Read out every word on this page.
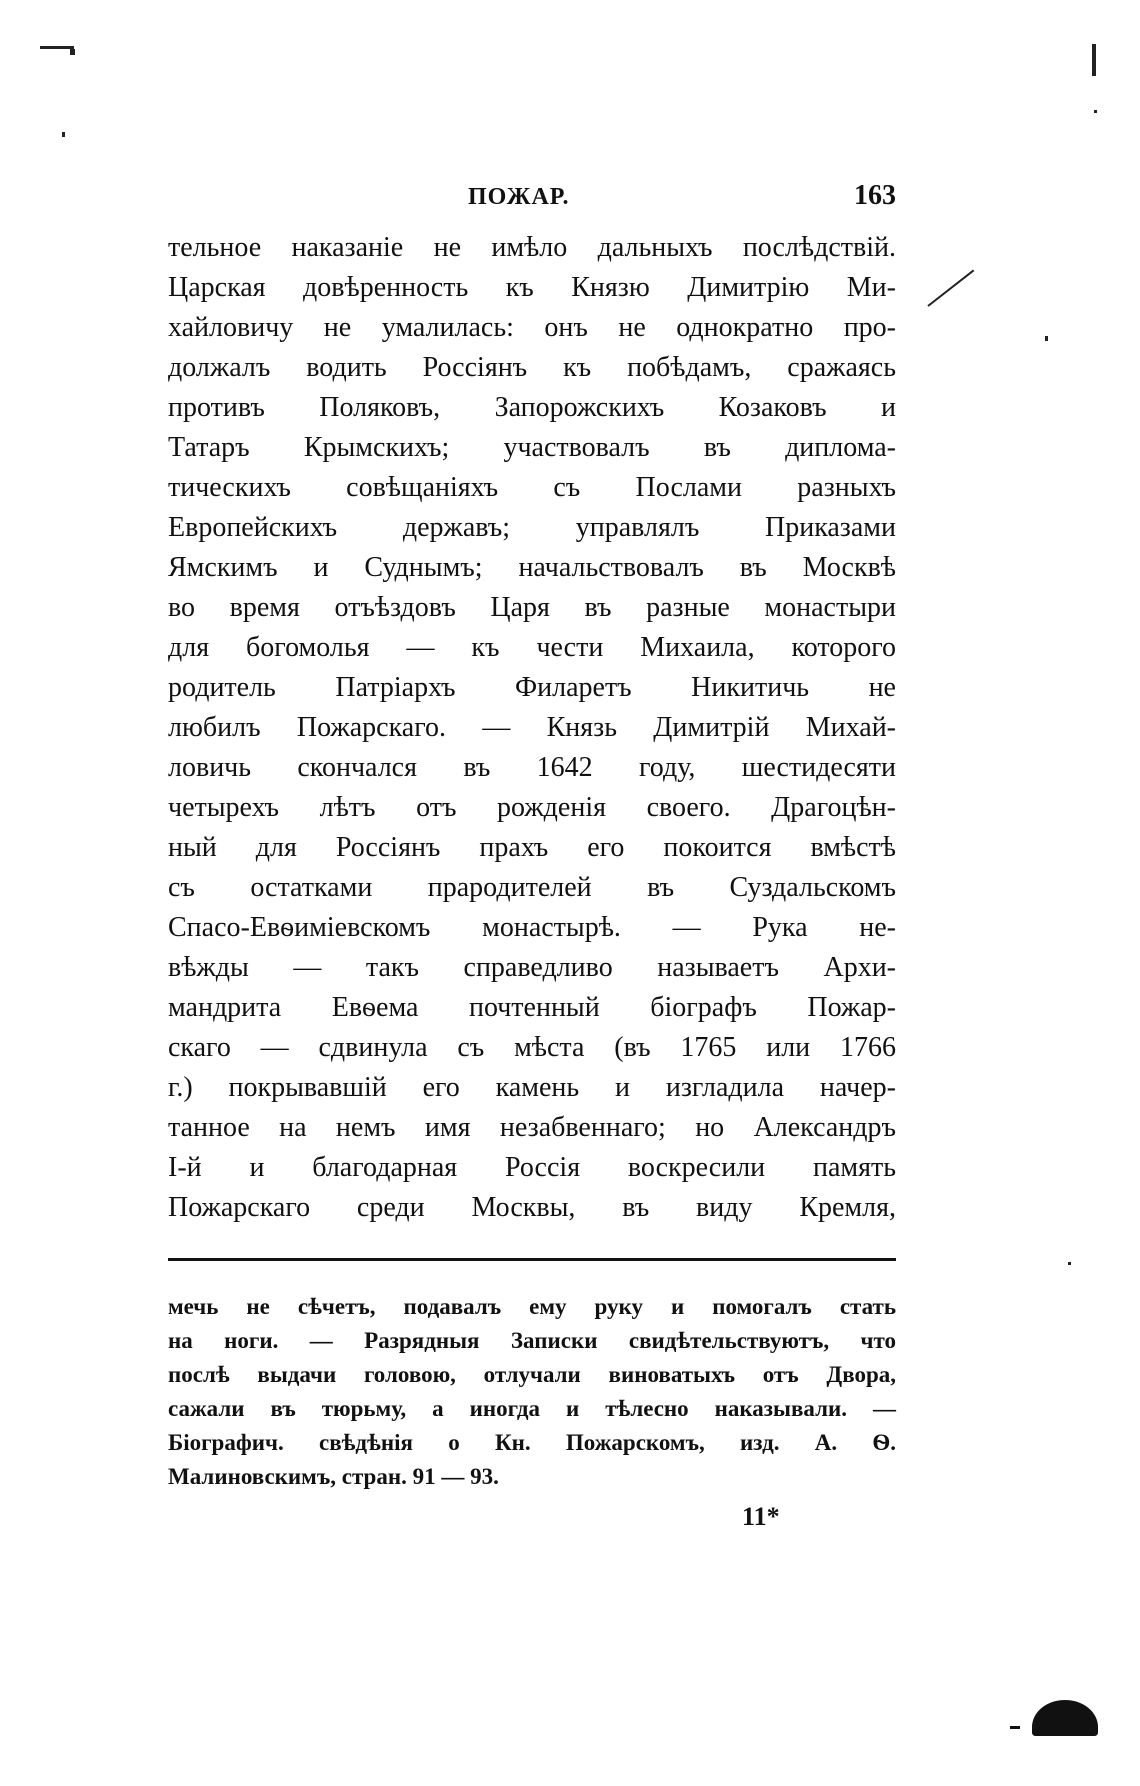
ПОЖАР.	163
тельное наказаніе не имѣло дальныхъ послѣдствій.
Царская довѣренность къ Князю Димитрію Ми-
хайловичу не умалилась: онъ не однократно про-
должалъ водить Россіянъ къ побѣдамъ, сражаясь
противъ Поляковъ, Запорожскихъ Козаковъ и
Татаръ Крымскихъ; участвовалъ въ диплома-
тическихъ совѣщаніяхъ съ Послами разныхъ
Европейскихъ державъ; управлялъ Приказами
Ямскимъ и Суднымъ; начальствовалъ въ Москвѣ
во время отъѣздовъ Царя въ разные монастыри
для богомолья — къ чести Михаила, которого
родитель Патріархъ Филаретъ Никитичь не
любилъ Пожарскаго. — Князь Димитрій Михай-
ловичь скончался въ 1642 году, шестидесяти
четырехъ лѣтъ отъ рожденія своего. Драгоцѣн-
ный для Россіянъ прахъ его покоится вмѣстѣ
съ остатками прародителей въ Суздальскомъ
Спасо-Евѳиміевскомъ монастырѣ. — Рука не-
вѣжды — такъ справедливо называетъ Архи-
мандрита Евѳема почтенный біографъ Пожар-
скаго — сдвинула съ мѣста (въ 1765 или 1766
г.) покрывавшій его камень и изгладила начер-
танное на немъ имя незабвеннаго; но Александръ
I-й и благодарная Россія воскресили память
Пожарскаго среди Москвы, въ виду Кремля,
мечь не сѣчетъ, подавалъ ему руку и помогалъ стать
на ноги. — Разрядныя Записки свидѣтельствуютъ, что
послѣ выдачи головою, отлучали виноватыхъ отъ Двора,
сажали въ тюрьму, а иногда и тѣлесно наказывали. —
Біографич. свѣдѣнія о Кн. Пожарскомъ, изд. А. Ѳ.
Малиновскимъ, стран. 91 — 93.
11*
